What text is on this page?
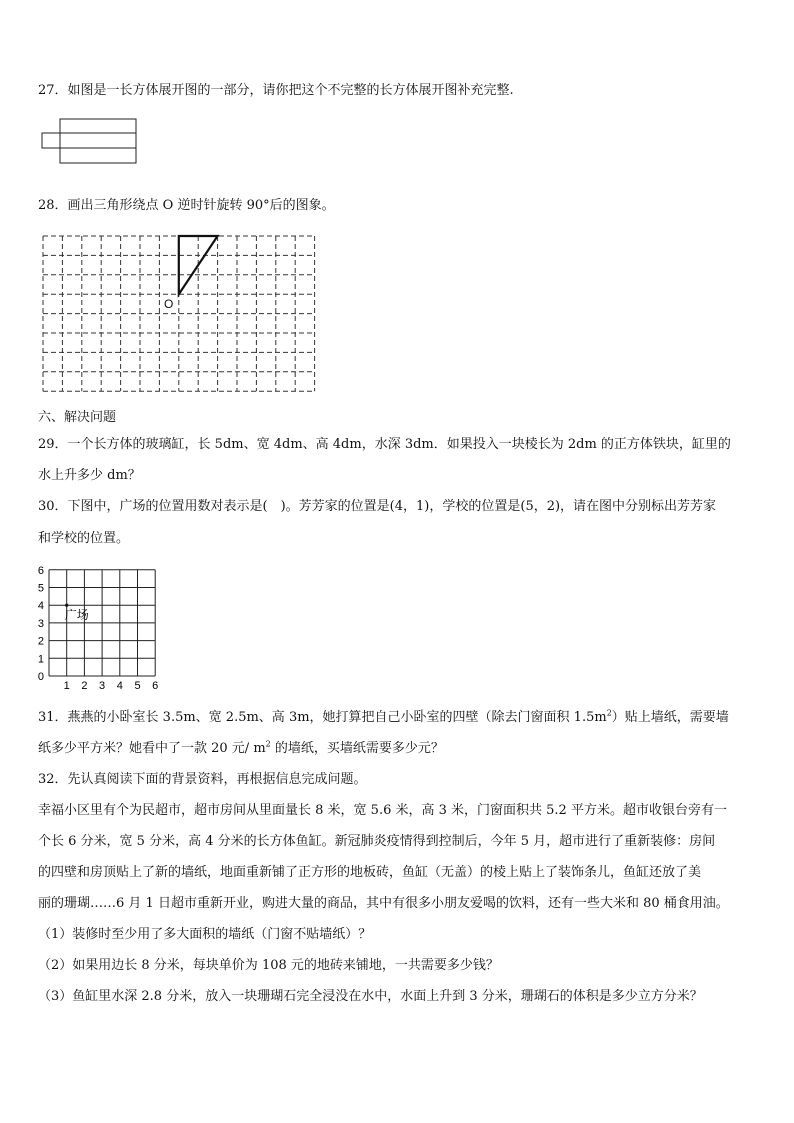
27．如图是一长方体展开图的一部分，请你把这个不完整的长方体展开图补充完整.
28．画出三角形绕点 O 逆时针旋转 90°后的图象。
O
六、解决问题
29．一个长方体的玻璃缸，长 5dm、宽 4dm、高 4dm，水深 3dm．如果投入一块棱长为 2dm 的正方体铁块，缸里的
水上升多少 dm？
30．下图中，广场的位置用数对表示是(　)。芳芳家的位置是(4，1)，学校的位置是(5，2)，请在图中分别标出芳芳家
和学校的位置。
6
5
4
3
2
1
0
1 2 3 4 5 6
广场
31．燕燕的小卧室长 3.5m、宽 2.5m、高 3m，她打算把自己小卧室的四壁（除去门窗面积 $1.5m^2$）贴上墙纸，需要墙
纸多少平方米？她看中了一款 20 元/ $m^2$ 的墙纸，买墙纸需要多少元？
32．先认真阅读下面的背景资料，再根据信息完成问题。
幸福小区里有个为民超市，超市房间从里面量长 8 米，宽 5.6 米，高 3 米，门窗面积共 5.2 平方米。超市收银台旁有一
个长 6 分米，宽 5 分米，高 4 分米的长方体鱼缸。新冠肺炎疫情得到控制后，今年 5 月，超市进行了重新装修：房间
的四壁和房顶贴上了新的墙纸，地面重新铺了正方形的地板砖，鱼缸（无盖）的棱上贴上了装饰条儿，鱼缸还放了美
丽的珊瑚……6 月 1 日超市重新开业，购进大量的商品，其中有很多小朋友爱喝的饮料，还有一些大米和 80 桶食用油。
（1）装修时至少用了多大面积的墙纸（门窗不贴墙纸）？
（2）如果用边长 8 分米，每块单价为 108 元的地砖来铺地，一共需要多少钱？
（3）鱼缸里水深 2.8 分米，放入一块珊瑚石完全浸没在水中，水面上升到 3 分米，珊瑚石的体积是多少立方分米？
